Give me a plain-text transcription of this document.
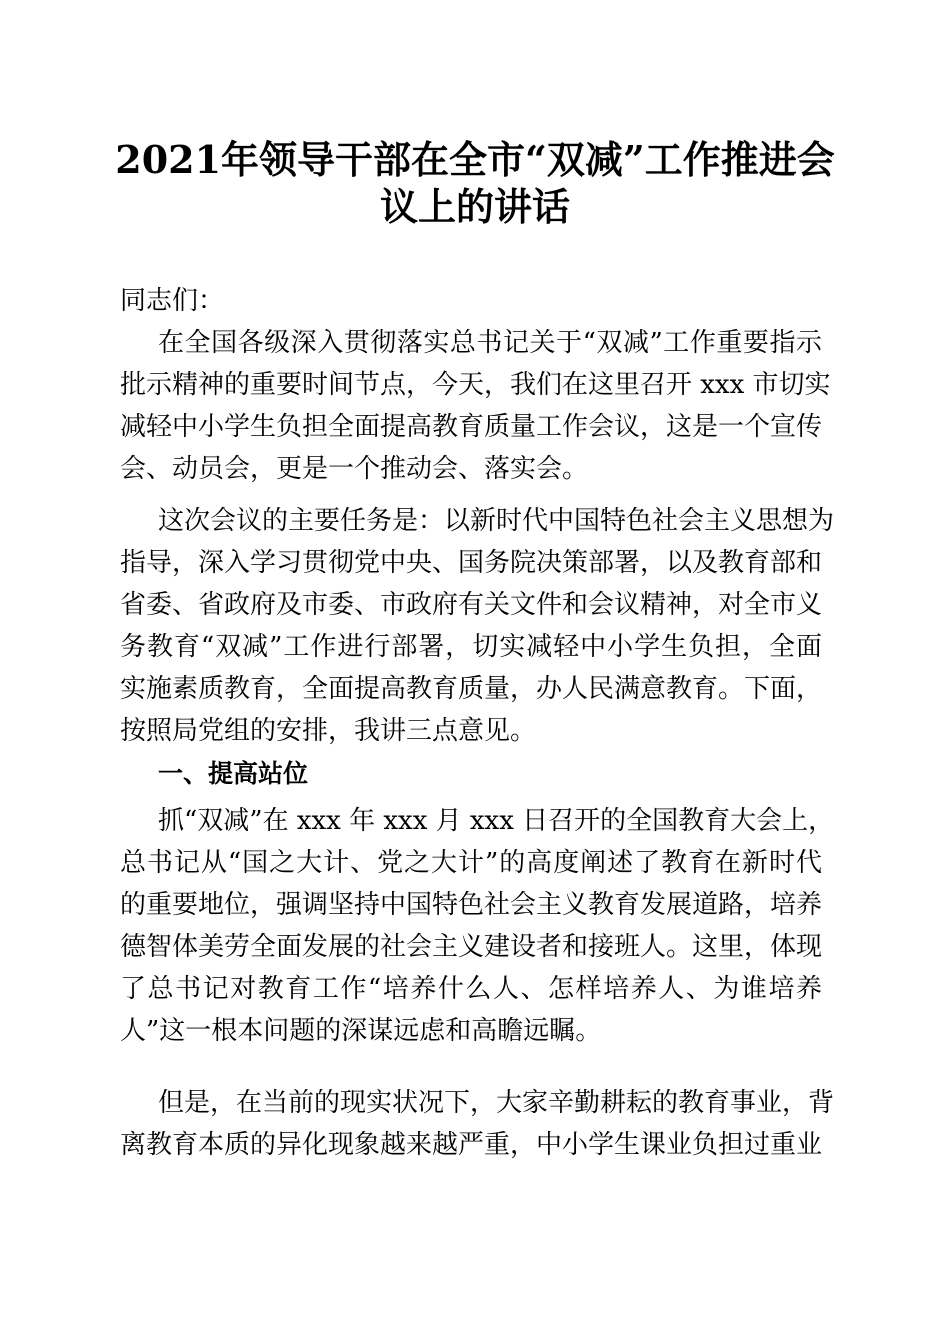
2021年领导干部在全市“双减”工作推进会
议上的讲话
同志们：
在全国各级深入贯彻落实总书记关于“双减”工作重要指示
批示精神的重要时间节点，今天，我们在这里召开 xxx 市切实
减轻中小学生负担全面提高教育质量工作会议，这是一个宣传
会、动员会，更是一个推动会、落实会。
这次会议的主要任务是：以新时代中国特色社会主义思想为
指导，深入学习贯彻党中央、国务院决策部署，以及教育部和
省委、省政府及市委、市政府有关文件和会议精神，对全市义
务教育“双减”工作进行部署，切实减轻中小学生负担，全面
实施素质教育，全面提高教育质量，办人民满意教育。下面，
按照局党组的安排，我讲三点意见。
一、提高站位
抓“双减”在 xxx 年 xxx 月 xxx 日召开的全国教育大会上，
总书记从“国之大计、党之大计”的高度阐述了教育在新时代
的重要地位，强调坚持中国特色社会主义教育发展道路，培养
德智体美劳全面发展的社会主义建设者和接班人。这里，体现
了总书记对教育工作“培养什么人、怎样培养人、为谁培养
人”这一根本问题的深谋远虑和高瞻远瞩。
但是，在当前的现实状况下，大家辛勤耕耘的教育事业，背
离教育本质的异化现象越来越严重，中小学生课业负担过重业
